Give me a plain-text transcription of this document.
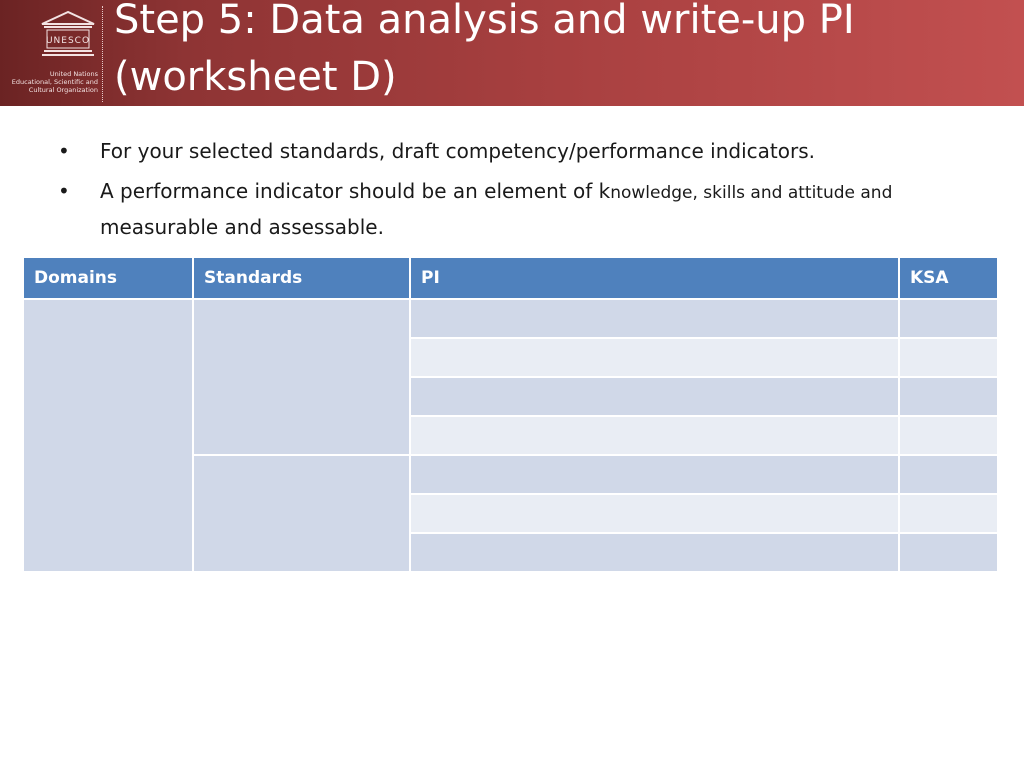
UNESCO
United Nations
Educational, Scientific and
Cultural Organization
Step 5: Data analysis and write-up PI
(worksheet D)
• For your selected standards, draft competency/performance indicators.
• A performance indicator should be an element of knowledge, skills and attitude and measurable and assessable.
Domains	Standards	PI	KSA
